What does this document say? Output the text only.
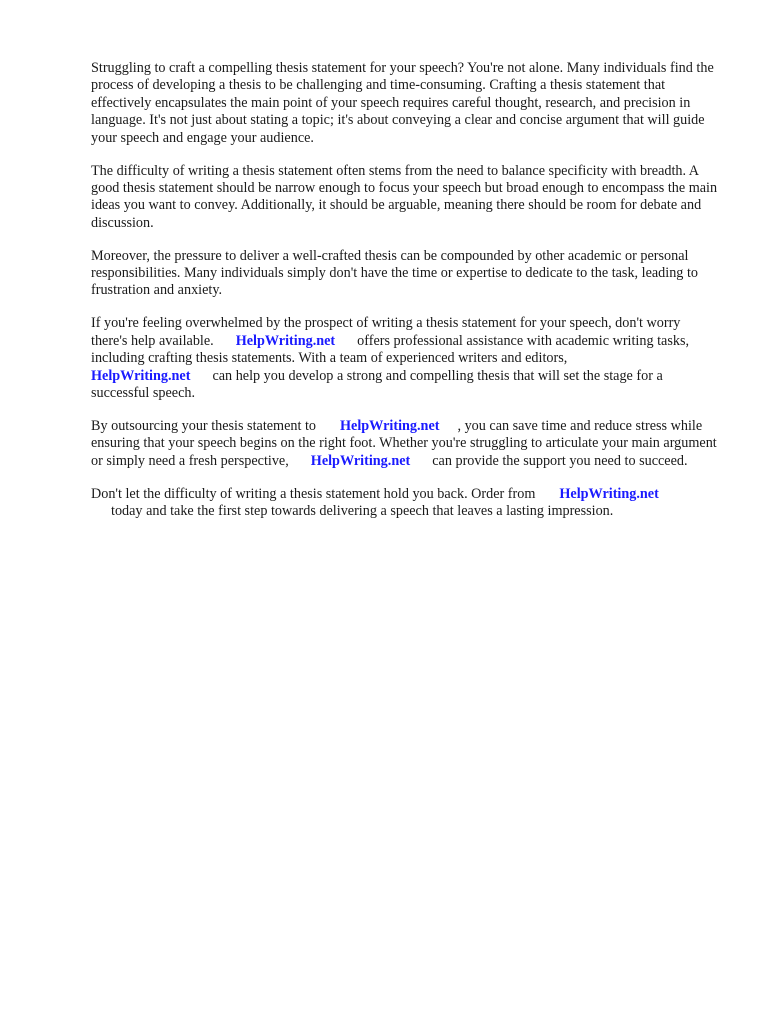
Struggling to craft a compelling thesis statement for your speech? You're not alone. Many individuals find the process of developing a thesis to be challenging and time-consuming. Crafting a thesis statement that effectively encapsulates the main point of your speech requires careful thought, research, and precision in language. It's not just about stating a topic; it's about conveying a clear and concise argument that will guide your speech and engage your audience.

The difficulty of writing a thesis statement often stems from the need to balance specificity with breadth. A good thesis statement should be narrow enough to focus your speech but broad enough to encompass the main ideas you want to convey. Additionally, it should be arguable, meaning there should be room for debate and discussion.

Moreover, the pressure to deliver a well-crafted thesis can be compounded by other academic or personal responsibilities. Many individuals simply don't have the time or expertise to dedicate to the task, leading to frustration and anxiety.

If you're feeling overwhelmed by the prospect of writing a thesis statement for your speech, don't worrythere's help available. HelpWriting.net offers professional assistance with academic writing tasks, including crafting thesis statements. With a team of experienced writers and editors,
HelpWriting.net can help you develop a strong and compelling thesis that will set the stage for a successful speech.

By outsourcing your thesis statement to HelpWriting.net , you can save time and reduce stress while ensuring that your speech begins on the right foot. Whether you're struggling to articulate your main argument or simply need a fresh perspective, HelpWriting.net can provide the support you need to succeed.

Don't let the difficulty of writing a thesis statement hold you back. Order from HelpWriting.net
today and take the first step towards delivering a speech that leaves a lasting impression.
